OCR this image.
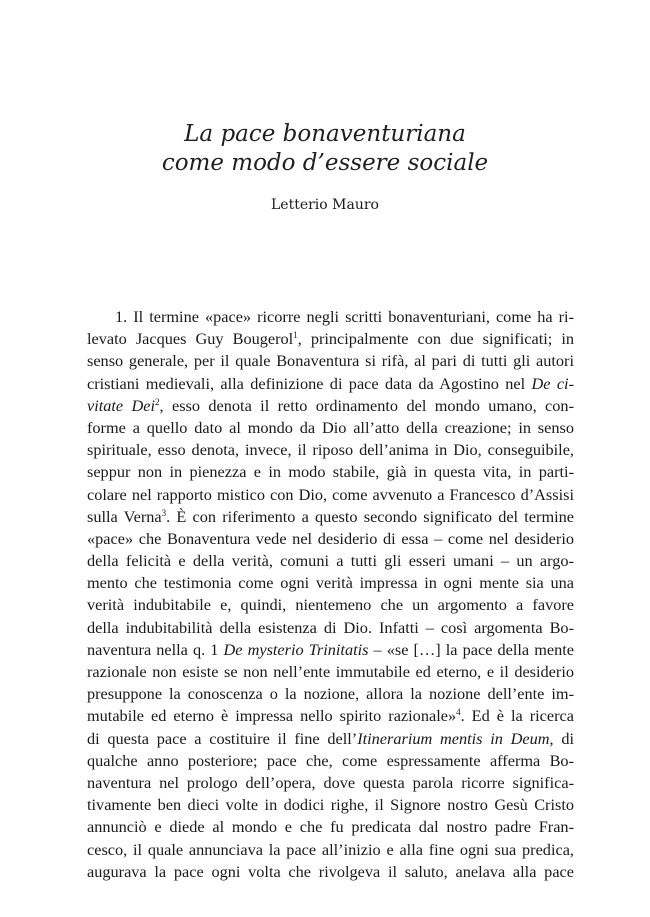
La pace bonaventuriana
come modo d’essere sociale
Letterio Mauro
1. Il termine «pace» ricorre negli scritti bonaventuriani, come ha ri-
levato Jacques Guy Bougerol$^1$, principalmente con due significati; in
senso generale, per il quale Bonaventura si rifà, al pari di tutti gli autori
cristiani medievali, alla definizione di pace data da Agostino nel De ci-
vitate Dei$^2$, esso denota il retto ordinamento del mondo umano, con-
forme a quello dato al mondo da Dio all’atto della creazione; in senso
spirituale, esso denota, invece, il riposo dell’anima in Dio, conseguibile,
seppur non in pienezza e in modo stabile, già in questa vita, in parti-
colare nel rapporto mistico con Dio, come avvenuto a Francesco d’Assisi
sulla Verna$^3$. È con riferimento a questo secondo significato del termine
«pace» che Bonaventura vede nel desiderio di essa – come nel desiderio
della felicità e della verità, comuni a tutti gli esseri umani – un argo-
mento che testimonia come ogni verità impressa in ogni mente sia una
verità indubitabile e, quindi, nientemeno che un argomento a favore
della indubitabilità della esistenza di Dio. Infatti – così argomenta Bo-
naventura nella q. 1 De mysterio Trinitatis – «se […] la pace della mente
razionale non esiste se non nell’ente immutabile ed eterno, e il desiderio
presuppone la conoscenza o la nozione, allora la nozione dell’ente im-
mutabile ed eterno è impressa nello spirito razionale»$^4$. Ed è la ricerca
di questa pace a costituire il fine dell’Itinerarium mentis in Deum, di
qualche anno posteriore; pace che, come espressamente afferma Bo-
naventura nel prologo dell’opera, dove questa parola ricorre significa-
tivamente ben dieci volte in dodici righe, il Signore nostro Gesù Cristo
annunciò e diede al mondo e che fu predicata dal nostro padre Fran-
cesco, il quale annunciava la pace all’inizio e alla fine ogni sua predica,
augurava la pace ogni volta che rivolgeva il saluto, anelava alla pace
